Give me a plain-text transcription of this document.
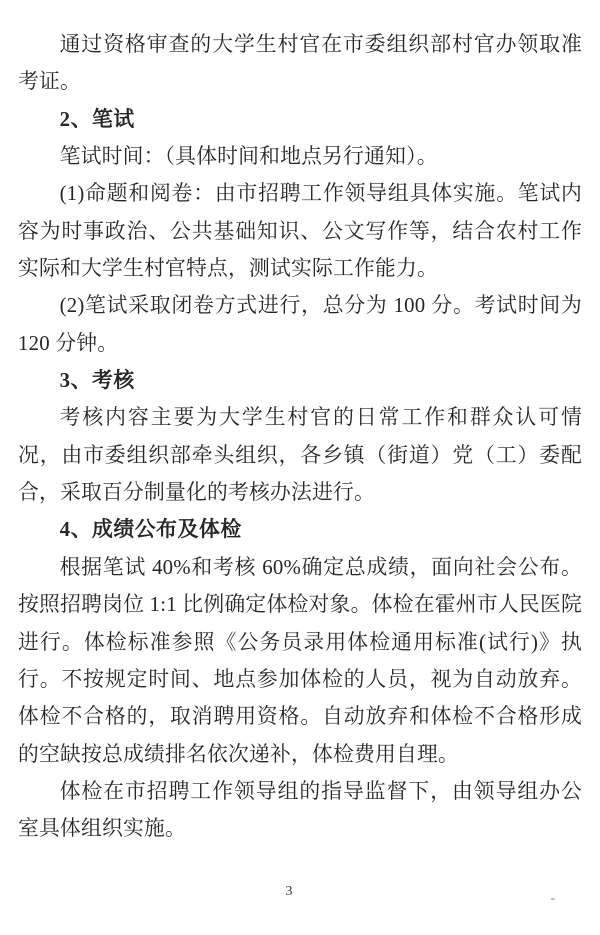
通过资格审查的大学生村官在市委组织部村官办领取准考证。

2、笔试

笔试时间：（具体时间和地点另行通知）。

(1)命题和阅卷：由市招聘工作领导组具体实施。笔试内容为时事政治、公共基础知识、公文写作等，结合农村工作实际和大学生村官特点，测试实际工作能力。

(2)笔试采取闭卷方式进行，总分为 100 分。考试时间为 120 分钟。

3、考核

考核内容主要为大学生村官的日常工作和群众认可情况，由市委组织部牵头组织，各乡镇（街道）党（工）委配合，采取百分制量化的考核办法进行。

4、成绩公布及体检

根据笔试 40%和考核 60%确定总成绩，面向社会公布。按照招聘岗位 1:1 比例确定体检对象。体检在霍州市人民医院进行。体检标准参照《公务员录用体检通用标准(试行)》执行。不按规定时间、地点参加体检的人员，视为自动放弃。体检不合格的，取消聘用资格。自动放弃和体检不合格形成的空缺按总成绩排名依次递补，体检费用自理。

体检在市招聘工作领导组的指导监督下，由领导组办公室具体组织实施。

3	-
